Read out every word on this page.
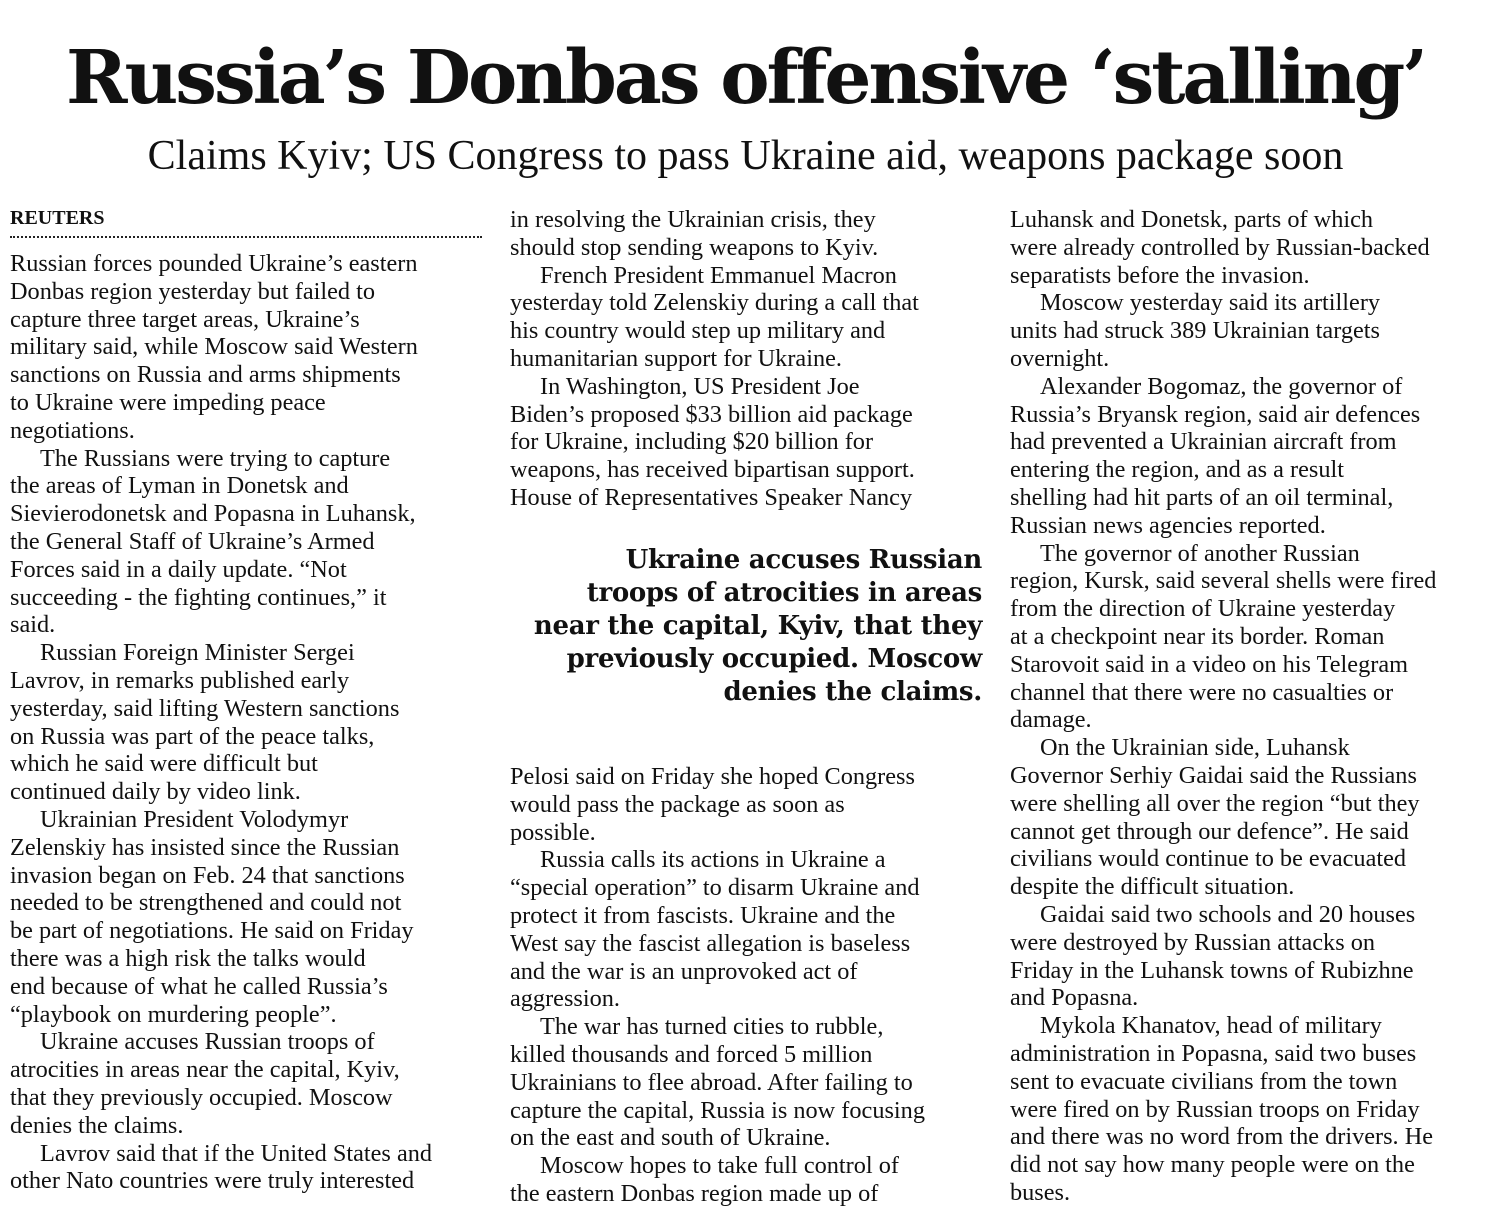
Russia’s Donbas offensive ‘stalling’
Claims Kyiv; US Congress to pass Ukraine aid, weapons package soon
REUTERS
Russian forces pounded Ukraine’s eastern
Donbas region yesterday but failed to
capture three target areas, Ukraine’s
military said, while Moscow said Western
sanctions on Russia and arms shipments
to Ukraine were impeding peace
negotiations.
The Russians were trying to capture
the areas of Lyman in Donetsk and
Sievierodonetsk and Popasna in Luhansk,
the General Staff of Ukraine’s Armed
Forces said in a daily update. “Not
succeeding - the fighting continues,” it
said.
Russian Foreign Minister Sergei
Lavrov, in remarks published early
yesterday, said lifting Western sanctions
on Russia was part of the peace talks,
which he said were difficult but
continued daily by video link.
Ukrainian President Volodymyr
Zelenskiy has insisted since the Russian
invasion began on Feb. 24 that sanctions
needed to be strengthened and could not
be part of negotiations. He said on Friday
there was a high risk the talks would
end because of what he called Russia’s
“playbook on murdering people”.
Ukraine accuses Russian troops of
atrocities in areas near the capital, Kyiv,
that they previously occupied. Moscow
denies the claims.
Lavrov said that if the United States and
other Nato countries were truly interested
in resolving the Ukrainian crisis, they
should stop sending weapons to Kyiv.
French President Emmanuel Macron
yesterday told Zelenskiy during a call that
his country would step up military and
humanitarian support for Ukraine.
In Washington, US President Joe
Biden’s proposed $33 billion aid package
for Ukraine, including $20 billion for
weapons, has received bipartisan support.
House of Representatives Speaker Nancy
Ukraine accuses Russian
troops of atrocities in areas
near the capital, Kyiv, that they
previously occupied. Moscow
denies the claims.
Pelosi said on Friday she hoped Congress
would pass the package as soon as
possible.
Russia calls its actions in Ukraine a
“special operation” to disarm Ukraine and
protect it from fascists. Ukraine and the
West say the fascist allegation is baseless
and the war is an unprovoked act of
aggression.
The war has turned cities to rubble,
killed thousands and forced 5 million
Ukrainians to flee abroad. After failing to
capture the capital, Russia is now focusing
on the east and south of Ukraine.
Moscow hopes to take full control of
the eastern Donbas region made up of
Luhansk and Donetsk, parts of which
were already controlled by Russian-backed
separatists before the invasion.
Moscow yesterday said its artillery
units had struck 389 Ukrainian targets
overnight.
Alexander Bogomaz, the governor of
Russia’s Bryansk region, said air defences
had prevented a Ukrainian aircraft from
entering the region, and as a result
shelling had hit parts of an oil terminal,
Russian news agencies reported.
The governor of another Russian
region, Kursk, said several shells were fired
from the direction of Ukraine yesterday
at a checkpoint near its border. Roman
Starovoit said in a video on his Telegram
channel that there were no casualties or
damage.
On the Ukrainian side, Luhansk
Governor Serhiy Gaidai said the Russians
were shelling all over the region “but they
cannot get through our defence”. He said
civilians would continue to be evacuated
despite the difficult situation.
Gaidai said two schools and 20 houses
were destroyed by Russian attacks on
Friday in the Luhansk towns of Rubizhne
and Popasna.
Mykola Khanatov, head of military
administration in Popasna, said two buses
sent to evacuate civilians from the town
were fired on by Russian troops on Friday
and there was no word from the drivers. He
did not say how many people were on the
buses.
